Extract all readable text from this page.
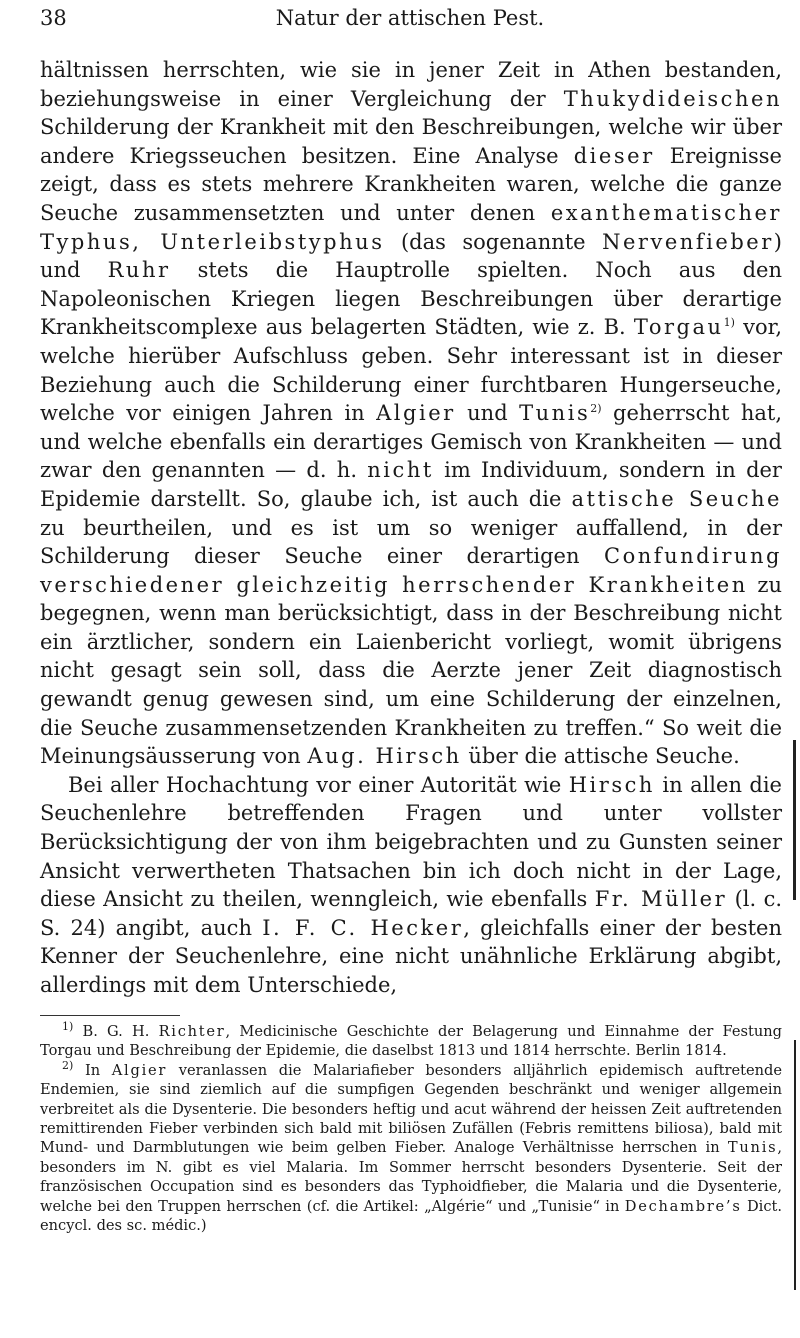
38	Natur der attischen Pest.

hältnissen herrschten, wie sie in jener Zeit in Athen bestanden, beziehungsweise in einer Vergleichung der Thukydideischen Schilderung der Krankheit mit den Beschreibungen, welche wir über andere Kriegsseuchen besitzen. Eine Analyse dieser Ereignisse zeigt, dass es stets mehrere Krankheiten waren, welche die ganze Seuche zusammensetzten und unter denen exanthematischer Typhus, Unterleibstyphus (das sogenannte Nervenfieber) und Ruhr stets die Hauptrolle spielten. Noch aus den Napoleonischen Kriegen liegen Beschreibungen über derartige Krankheitscomplexe aus belagerten Städten, wie z. B. Torgau$^{1)}$ vor, welche hierüber Aufschluss geben. Sehr interessant ist in dieser Beziehung auch die Schilderung einer furchtbaren Hungerseuche, welche vor einigen Jahren in Algier und Tunis$^{2)}$ geherrscht hat, und welche ebenfalls ein derartiges Gemisch von Krankheiten — und zwar den genannten — d. h. nicht im Individuum, sondern in der Epidemie darstellt. So, glaube ich, ist auch die attische Seuche zu beurtheilen, und es ist um so weniger auffallend, in der Schilderung dieser Seuche einer derartigen Confundirung verschiedener gleichzeitig herrschender Krankheiten zu begegnen, wenn man berücksichtigt, dass in der Beschreibung nicht ein ärztlicher, sondern ein Laienbericht vorliegt, womit übrigens nicht gesagt sein soll, dass die Aerzte jener Zeit diagnostisch gewandt genug gewesen sind, um eine Schilderung der einzelnen, die Seuche zusammensetzenden Krankheiten zu treffen.“ So weit die Meinungsäusserung von Aug. Hirsch über die attische Seuche.

Bei aller Hochachtung vor einer Autorität wie Hirsch in allen die Seuchenlehre betreffenden Fragen und unter vollster Berücksichtigung der von ihm beigebrachten und zu Gunsten seiner Ansicht verwertheten Thatsachen bin ich doch nicht in der Lage, diese Ansicht zu theilen, wenngleich, wie ebenfalls Fr. Müller (l. c. S. 24) angibt, auch I. F. C. Hecker, gleichfalls einer der besten Kenner der Seuchenlehre, eine nicht unähnliche Erklärung abgibt, allerdings mit dem Unterschiede,

$^{1)}$ B. G. H. Richter, Medicinische Geschichte der Belagerung und Einnahme der Festung Torgau und Beschreibung der Epidemie, die daselbst 1813 und 1814 herrschte. Berlin 1814.

$^{2)}$ In Algier veranlassen die Malariafieber besonders alljährlich epidemisch auftretende Endemien, sie sind ziemlich auf die sumpfigen Gegenden beschränkt und weniger allgemein verbreitet als die Dysenterie. Die besonders heftig und acut während der heissen Zeit auftretenden remittirenden Fieber verbinden sich bald mit biliösen Zufällen (Febris remittens biliosa), bald mit Mund- und Darmblutungen wie beim gelben Fieber. Analoge Verhältnisse herrschen in Tunis, besonders im N. gibt es viel Malaria. Im Sommer herrscht besonders Dysenterie. Seit der französischen Occupation sind es besonders das Typhoidfieber, die Malaria und die Dysenterie, welche bei den Truppen herrschen (cf. die Artikel: „Algérie“ und „Tunisie“ in Dechambre’s Dict. encycl. des sc. médic.)
